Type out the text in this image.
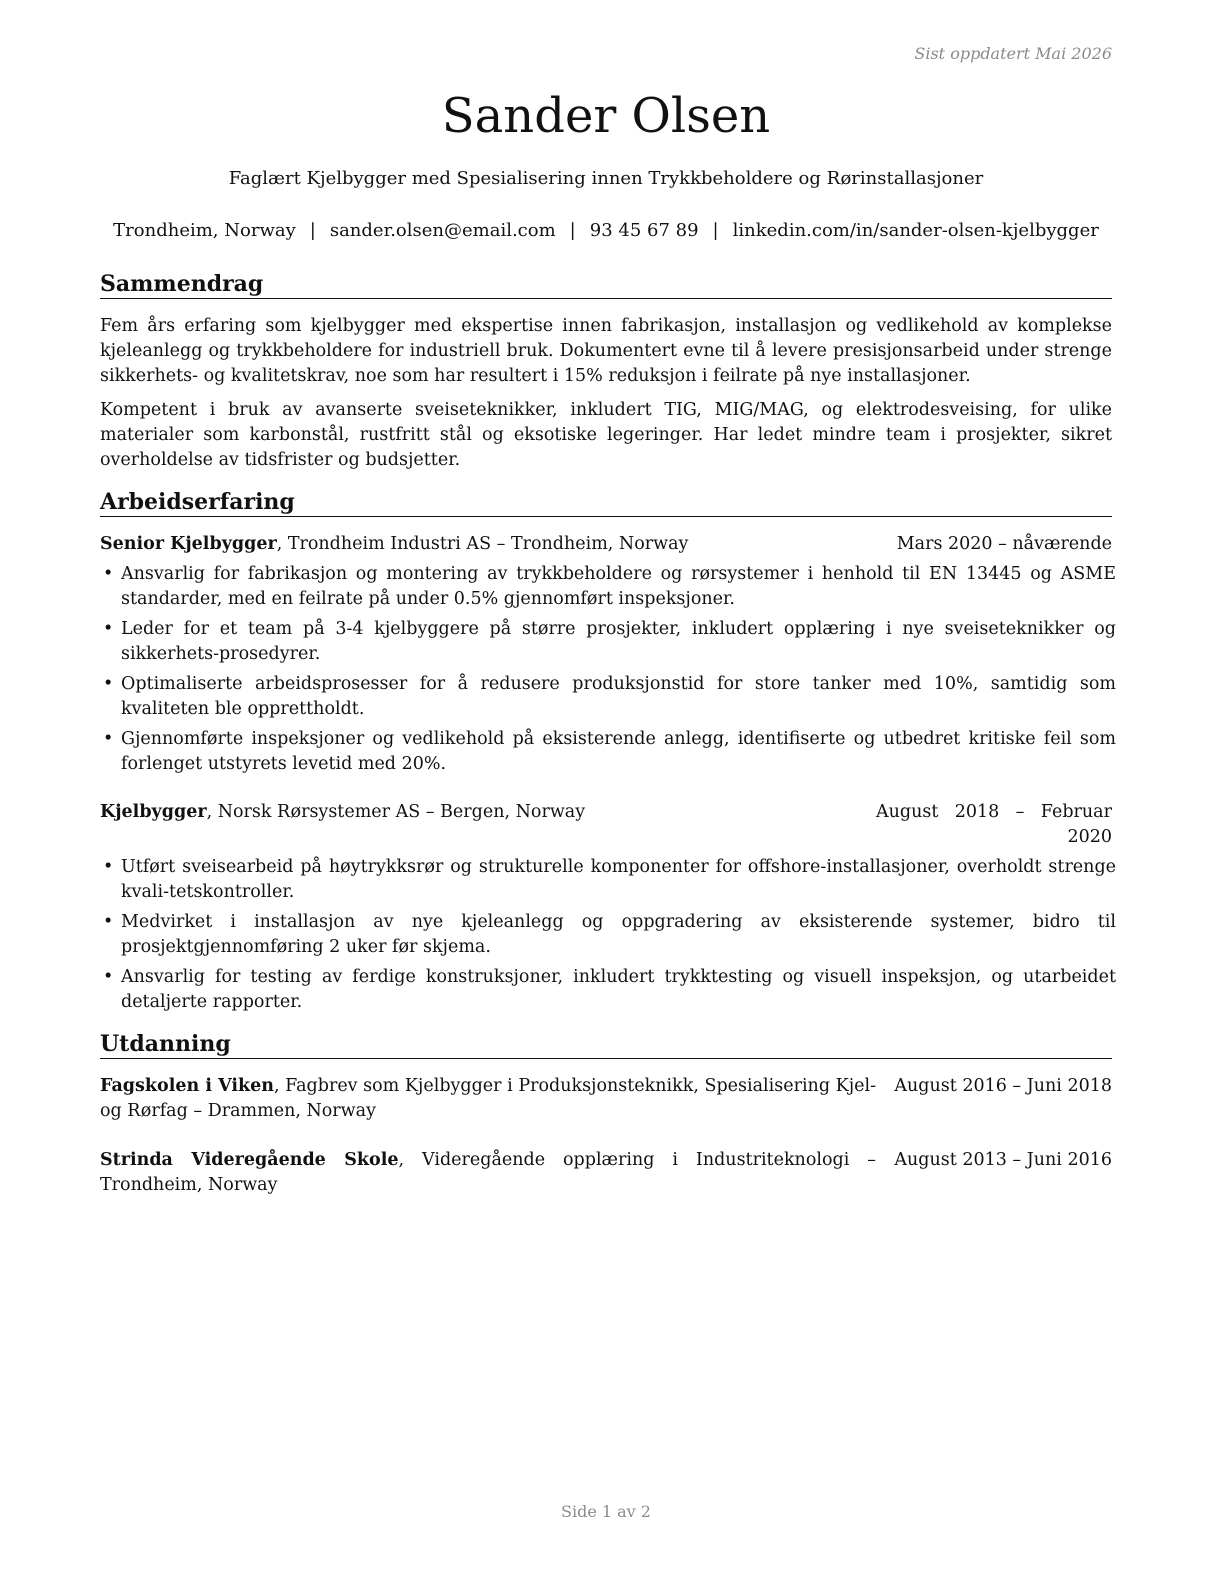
Sist oppdatert Mai 2026
Sander Olsen
Faglært Kjelbygger med Spesialisering innen Trykkbeholdere og Rørinstallasjoner
Trondheim, Norway | sander.olsen@email.com | 93 45 67 89 | linkedin.com/in/sander-olsen-kjelbygger
Sammendrag
Fem års erfaring som kjelbygger med ekspertise innen fabrikasjon, installasjon og vedlikehold av komplekse kjeleanlegg og trykkbeholdere for industriell bruk. Dokumentert evne til å levere presisjonsarbeid under strenge sikkerhets- og kvalitetskrav, noe som har resultert i 15% reduksjon i feilrate på nye installasjoner.
Kompetent i bruk av avanserte sveiseteknikker, inkludert TIG, MIG/MAG, og elektrodesveising, for ulike materialer som karbonstål, rustfritt stål og eksotiske legeringer. Har ledet mindre team i prosjekter, sikret overholdelse av tidsfrister og budsjetter.
Arbeidserfaring
Senior Kjelbygger, Trondheim Industri AS – Trondheim, Norway	Mars 2020 – nåværende
• Ansvarlig for fabrikasjon og montering av trykkbeholdere og rørsystemer i henhold til EN 13445 og ASME standarder, med en feilrate på under 0.5% gjennomført inspeksjoner.
• Leder for et team på 3-4 kjelbyggere på større prosjekter, inkludert opplæring i nye sveiseteknikker og sikkerhets-prosedyrer.
• Optimaliserte arbeidsprosesser for å redusere produksjonstid for store tanker med 10%, samtidig som kvaliteten ble opprettholdt.
• Gjennomførte inspeksjoner og vedlikehold på eksisterende anlegg, identifiserte og utbedret kritiske feil som forlenget utstyrets levetid med 20%.
Kjelbygger, Norsk Rørsystemer AS – Bergen, Norway	August 2018 – Februar 2020
• Utført sveisearbeid på høytrykksrør og strukturelle komponenter for offshore-installasjoner, overholdt strenge kvali-tetskontroller.
• Medvirket i installasjon av nye kjeleanlegg og oppgradering av eksisterende systemer, bidro til prosjektgjennomføring 2 uker før skjema.
• Ansvarlig for testing av ferdige konstruksjoner, inkludert trykktesting og visuell inspeksjon, og utarbeidet detaljerte rapporter.
Utdanning
Fagskolen i Viken, Fagbrev som Kjelbygger i Produksjonsteknikk, Spesialisering Kjel- og Rørfag – Drammen, Norway
August 2016 – Juni 2018
Strinda Videregående Skole, Videregående opplæring i Industriteknologi – Trondheim, Norway
August 2013 – Juni 2016
Side 1 av 2
